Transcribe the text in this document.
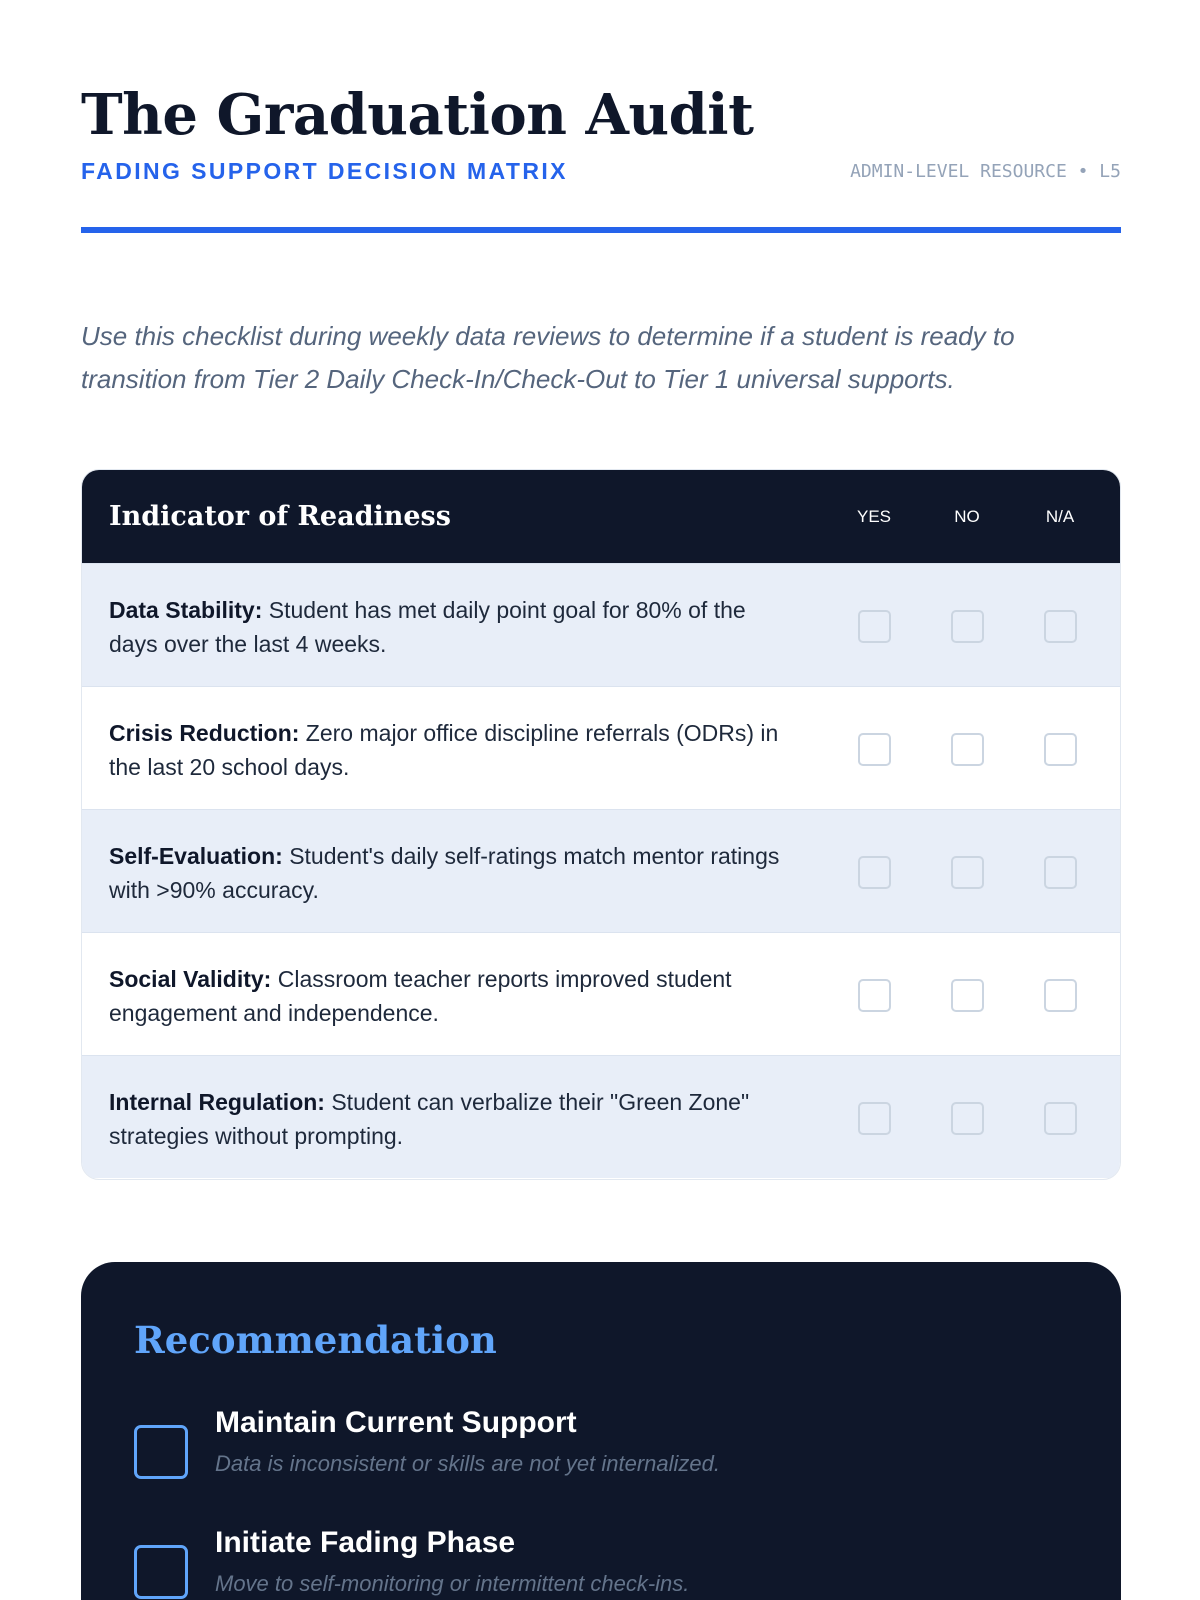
The Graduation Audit
FADING SUPPORT DECISION MATRIX	ADMIN-LEVEL RESOURCE • L5

Use this checklist during weekly data reviews to determine if a student is ready to transition from Tier 2 Daily Check-In/Check-Out to Tier 1 universal supports.

Indicator of Readiness	YES	NO	N/A
Data Stability: Student has met daily point goal for 80% of the days over the last 4 weeks.
Crisis Reduction: Zero major office discipline referrals (ODRs) in the last 20 school days.
Self-Evaluation: Student's daily self-ratings match mentor ratings with >90% accuracy.
Social Validity: Classroom teacher reports improved student engagement and independence.
Internal Regulation: Student can verbalize their "Green Zone" strategies without prompting.
Recommendation
Maintain Current Support
Data is inconsistent or skills are not yet internalized.
Initiate Fading Phase
Move to self-monitoring or intermittent check-ins.
